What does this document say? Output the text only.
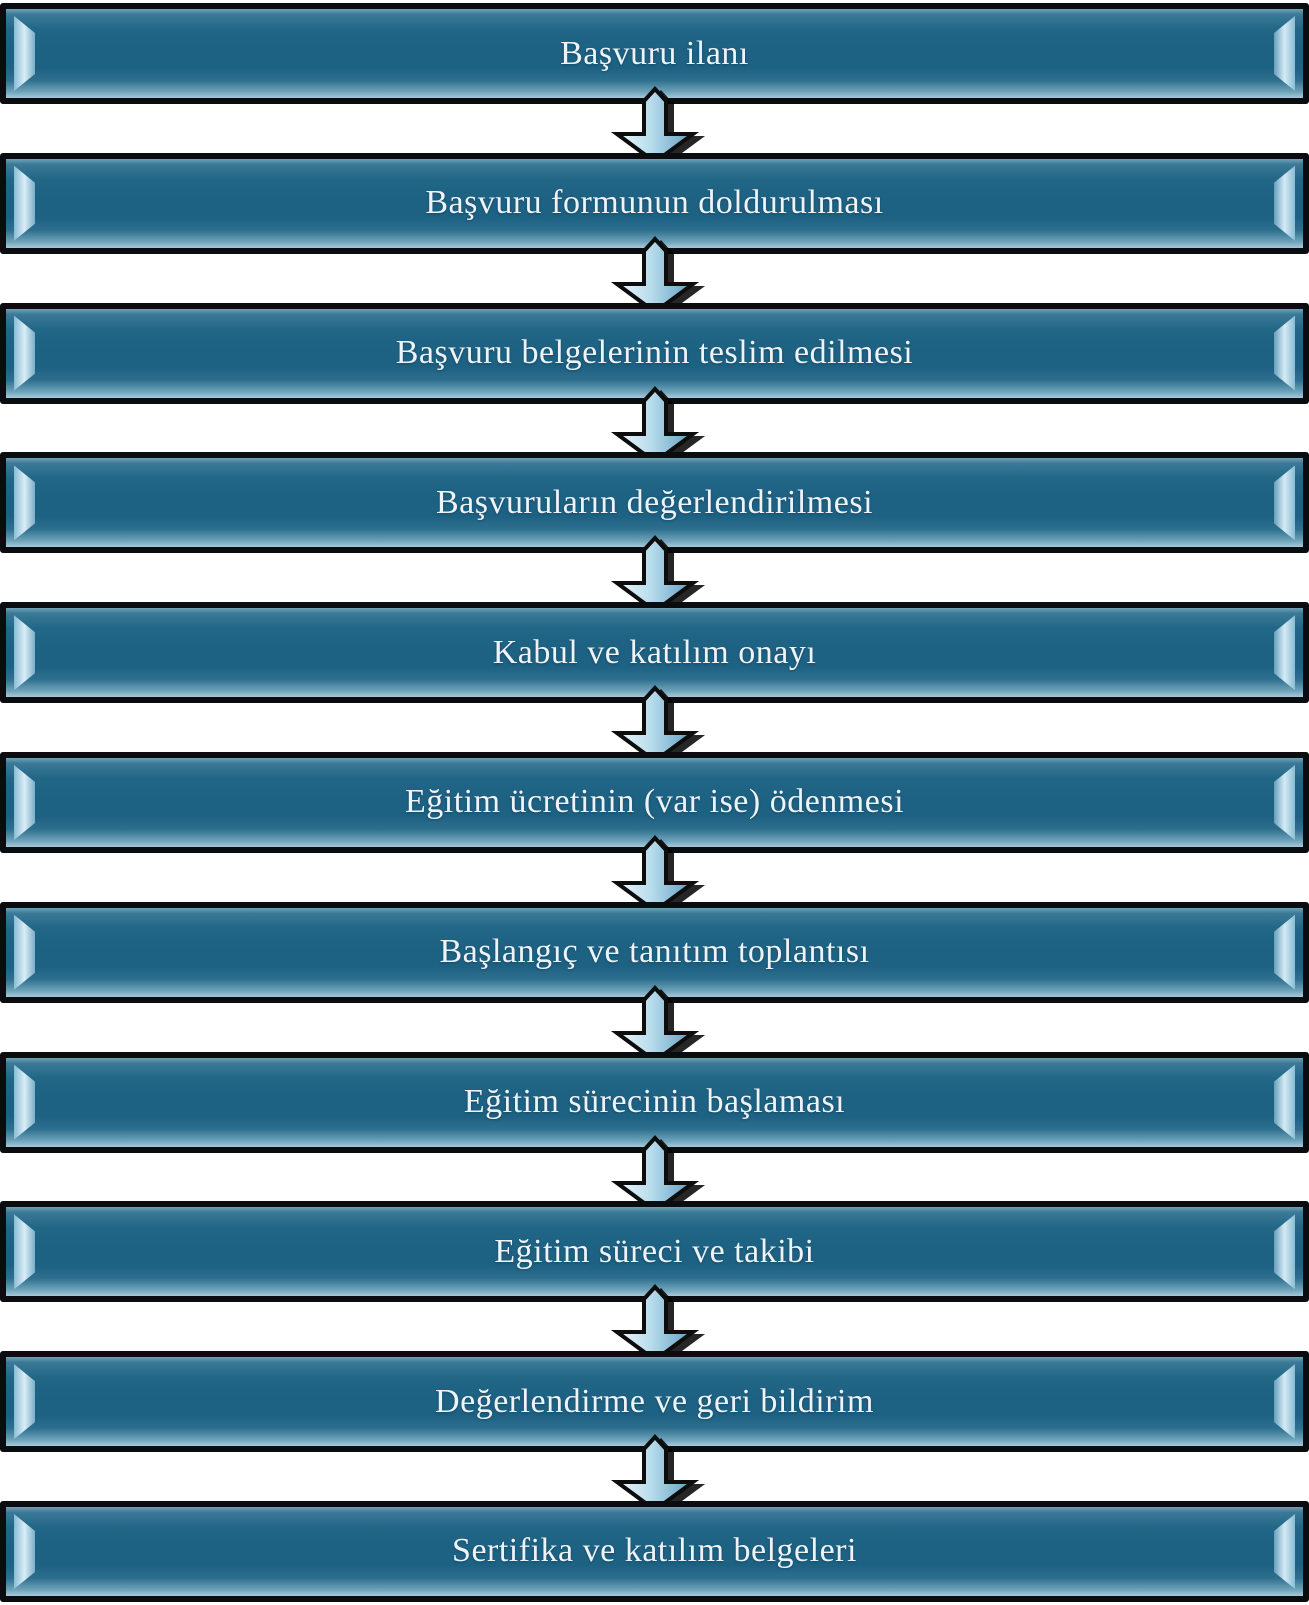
Başvuru ilanı
Başvuru formunun doldurulması
Başvuru belgelerinin teslim edilmesi
Başvuruların değerlendirilmesi
Kabul ve katılım onayı
Eğitim ücretinin (var ise) ödenmesi
Başlangıç ve tanıtım toplantısı
Eğitim sürecinin başlaması
Eğitim süreci ve takibi
Değerlendirme ve geri bildirim
Sertifika ve katılım belgeleri
